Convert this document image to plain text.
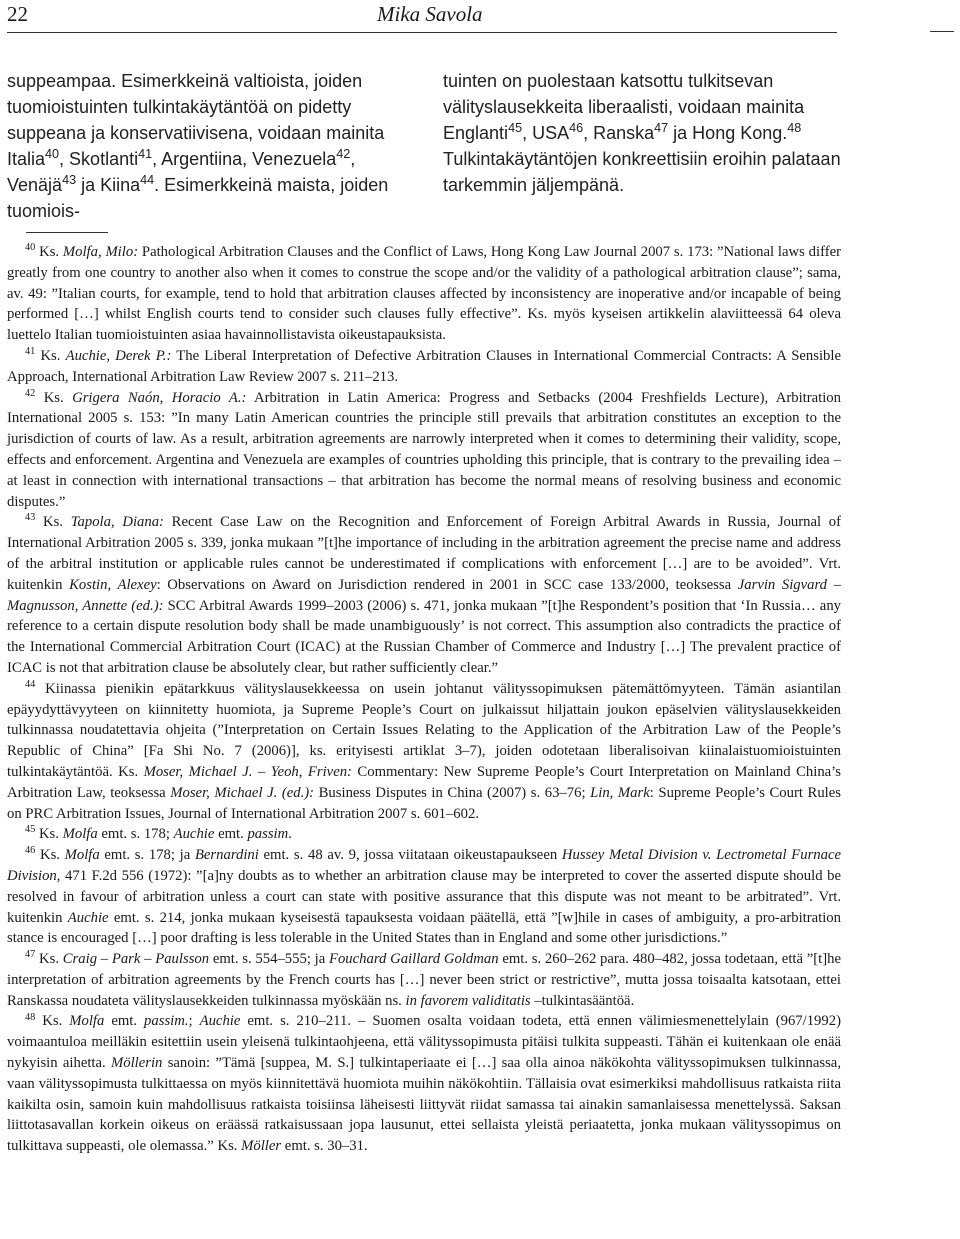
22	Mika Savola

suppeampaa. Esimerkkeinä valtioista, joiden tuomioistuinten tulkintakäytäntöä on pidetty suppeana ja konservatiivisena, voidaan mainita Italia$^{40}$, Skotlanti$^{41}$, Argentiina, Venezuela$^{42}$, Venäjä$^{43}$ ja Kiina$^{44}$. Esimerkkeinä maista, joiden tuomiois-

tuinten on puolestaan katsottu tulkitsevan välityslausekkeita liberaalisti, voidaan mainita Englanti$^{45}$, USA$^{46}$, Ranska$^{47}$ ja Hong Kong.$^{48}$ Tulkintakäytäntöjen konkreettisiin eroihin palataan tarkemmin jäljempänä.

$^{40}$ Ks. Molfa, Milo: Pathological Arbitration Clauses and the Conflict of Laws, Hong Kong Law Journal 2007 s. 173: ”National laws differ greatly from one country to another also when it comes to construe the scope and/or the validity of a pathological arbitration clause”; sama, av. 49: ”Italian courts, for example, tend to hold that arbitration clauses affected by inconsistency are inoperative and/or incapable of being performed […] whilst English courts tend to consider such clauses fully effective”. Ks. myös kyseisen artikkelin alaviitteessä 64 oleva luettelo Italian tuomioistuinten asiaa havainnollistavista oikeustapauksista.

$^{41}$ Ks. Auchie, Derek P.: The Liberal Interpretation of Defective Arbitration Clauses in International Commercial Contracts: A Sensible Approach, International Arbitration Law Review 2007 s. 211–213.

$^{42}$ Ks. Grigera Naón, Horacio A.: Arbitration in Latin America: Progress and Setbacks (2004 Freshfields Lecture), Arbitration International 2005 s. 153: ”In many Latin American countries the principle still prevails that arbitration constitutes an exception to the jurisdiction of courts of law. As a result, arbitration agreements are narrowly interpreted when it comes to determining their validity, scope, effects and enforcement. Argentina and Venezuela are examples of countries upholding this principle, that is contrary to the prevailing idea – at least in connection with international transactions – that arbitration has become the normal means of resolving business and economic disputes.”

$^{43}$ Ks. Tapola, Diana: Recent Case Law on the Recognition and Enforcement of Foreign Arbitral Awards in Russia, Journal of International Arbitration 2005 s. 339, jonka mukaan ”[t]he importance of including in the arbitration agreement the precise name and address of the arbitral institution or applicable rules cannot be underestimated if complications with enforcement […] are to be avoided”. Vrt. kuitenkin Kostin, Alexey: Observations on Award on Jurisdiction rendered in 2001 in SCC case 133/2000, teoksessa Jarvin Sigvard – Magnusson, Annette (ed.): SCC Arbitral Awards 1999–2003 (2006) s. 471, jonka mukaan ”[t]he Respondent’s position that ‘In Russia… any reference to a certain dispute resolution body shall be made unambiguously’ is not correct. This assumption also contradicts the practice of the International Commercial Arbitration Court (ICAC) at the Russian Chamber of Commerce and Industry […] The prevalent practice of ICAC is not that arbitration clause be absolutely clear, but rather sufficiently clear.”

$^{44}$ Kiinassa pienikin epätarkkuus välityslausekkeessa on usein johtanut välityssopimuksen pätemättömyyteen. Tämän asiantilan epäyydyttävyyteen on kiinnitetty huomiota, ja Supreme People’s Court on julkaissut hiljattain joukon epäselvien välityslausekkeiden tulkinnassa noudatettavia ohjeita (”Interpretation on Certain Issues Relating to the Application of the Arbitration Law of the People’s Republic of China” [Fa Shi No. 7 (2006)], ks. erityisesti artiklat 3–7), joiden odotetaan liberalisoivan kiinalaistuomioistuinten tulkintakäytäntöä. Ks. Moser, Michael J. – Yeoh, Friven: Commentary: New Supreme People’s Court Interpretation on Mainland China’s Arbitration Law, teoksessa Moser, Michael J. (ed.): Business Disputes in China (2007) s. 63–76; Lin, Mark: Supreme People’s Court Rules on PRC Arbitration Issues, Journal of International Arbitration 2007 s. 601–602.

$^{45}$ Ks. Molfa emt. s. 178; Auchie emt. passim.

$^{46}$ Ks. Molfa emt. s. 178; ja Bernardini emt. s. 48 av. 9, jossa viitataan oikeustapaukseen Hussey Metal Division v. Lectrometal Furnace Division, 471 F.2d 556 (1972): ”[a]ny doubts as to whether an arbitration clause may be interpreted to cover the asserted dispute should be resolved in favour of arbitration unless a court can state with positive assurance that this dispute was not meant to be arbitrated”. Vrt. kuitenkin Auchie emt. s. 214, jonka mukaan kyseisestä tapauksesta voidaan päätellä, että ”[w]hile in cases of ambiguity, a pro-arbitration stance is encouraged […] poor drafting is less tolerable in the United States than in England and some other jurisdictions.”

$^{47}$ Ks. Craig – Park – Paulsson emt. s. 554–555; ja Fouchard Gaillard Goldman emt. s. 260–262 para. 480–482, jossa todetaan, että ”[t]he interpretation of arbitration agreements by the French courts has […] never been strict or restrictive”, mutta jossa toisaalta katsotaan, ettei Ranskassa noudateta välityslausekkeiden tulkinnassa myöskään ns. in favorem validitatis –tulkintasääntöä.

$^{48}$ Ks. Molfa emt. passim.; Auchie emt. s. 210–211. – Suomen osalta voidaan todeta, että ennen välimiesmenettelylain (967/1992) voimaantuloa meilläkin esitettiin usein yleisenä tulkintaohjeena, että välityssopimusta pitäisi tulkita suppeasti. Tähän ei kuitenkaan ole enää nykyisin aihetta. Möllerin sanoin: ”Tämä [suppea, M. S.] tulkintaperiaate ei […] saa olla ainoa näkökohta välityssopimuksen tulkinnassa, vaan välityssopimusta tulkittaessa on myös kiinnitettävä huomiota muihin näkökohtiin. Tällaisia ovat esimerkiksi mahdollisuus ratkaista riita kaikilta osin, samoin kuin mahdollisuus ratkaista toisiinsa läheisesti liittyvät riidat samassa tai ainakin samanlaisessa menettelyssä. Saksan liittotasavallan korkein oikeus on eräässä ratkaisussaan jopa lausunut, ettei sellaista yleistä periaatetta, jonka mukaan välityssopimus on tulkittava suppeasti, ole olemassa.” Ks. Möller emt. s. 30–31.
